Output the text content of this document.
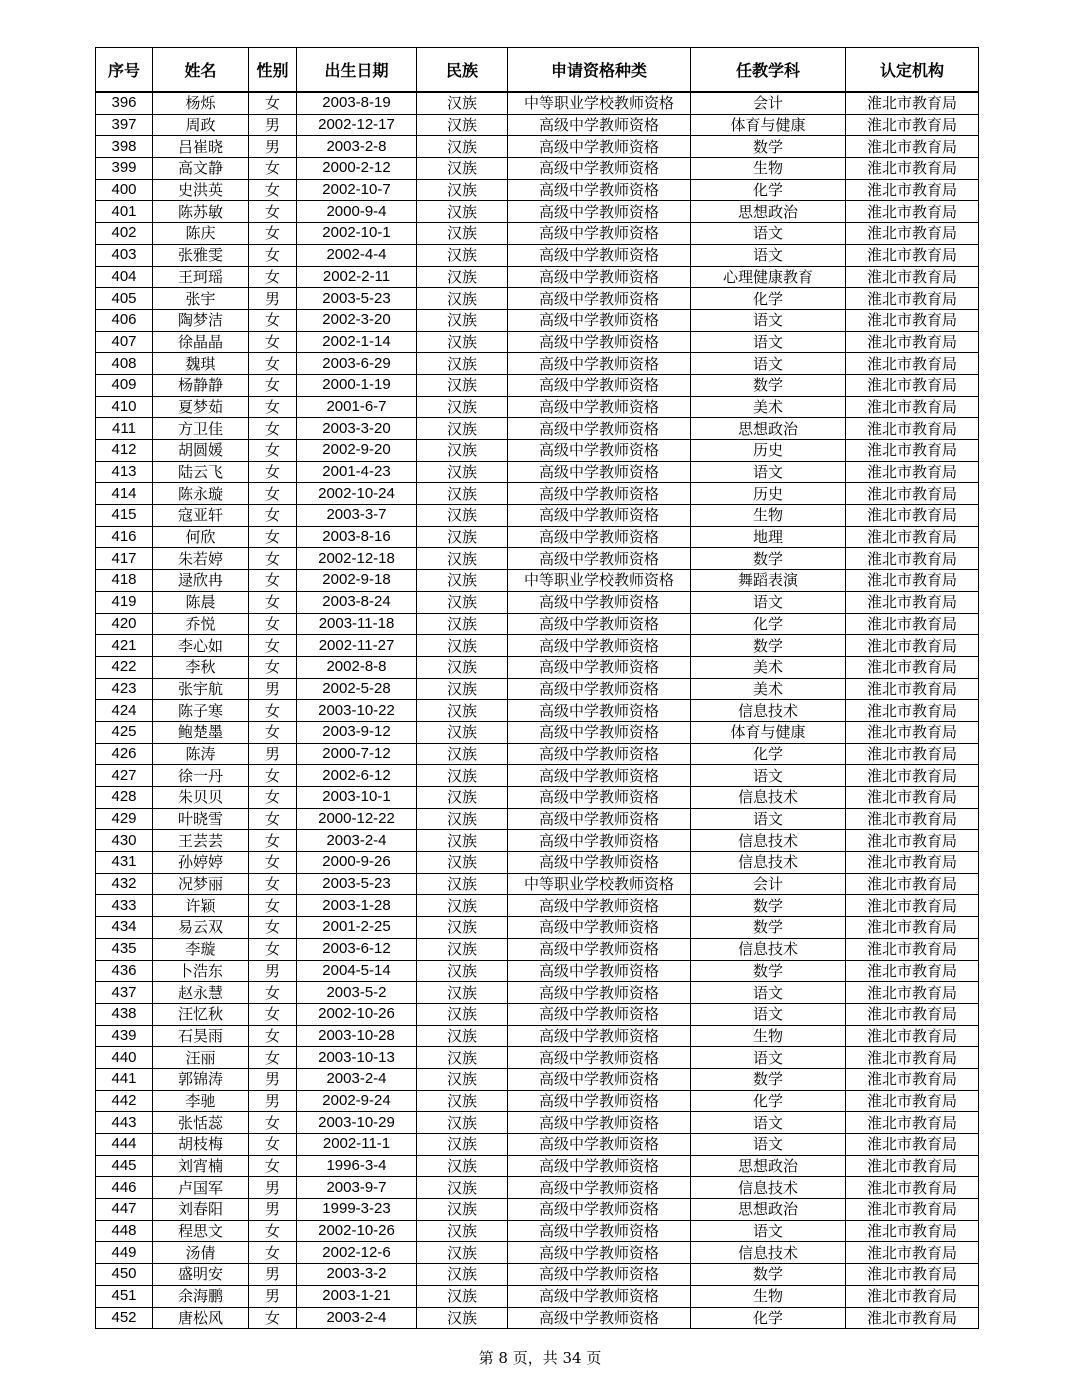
序号	姓名	性别	出生日期	民族	申请资格种类	任教学科	认定机构
396	杨烁	女	2003-8-19	汉族	中等职业学校教师资格	会计	淮北市教育局
397	周政	男	2002-12-17	汉族	高级中学教师资格	体育与健康	淮北市教育局
398	吕崔晓	男	2003-2-8	汉族	高级中学教师资格	数学	淮北市教育局
399	高文静	女	2000-2-12	汉族	高级中学教师资格	生物	淮北市教育局
400	史洪英	女	2002-10-7	汉族	高级中学教师资格	化学	淮北市教育局
401	陈苏敏	女	2000-9-4	汉族	高级中学教师资格	思想政治	淮北市教育局
402	陈庆	女	2002-10-1	汉族	高级中学教师资格	语文	淮北市教育局
403	张雅雯	女	2002-4-4	汉族	高级中学教师资格	语文	淮北市教育局
404	王珂瑶	女	2002-2-11	汉族	高级中学教师资格	心理健康教育	淮北市教育局
405	张宇	男	2003-5-23	汉族	高级中学教师资格	化学	淮北市教育局
406	陶梦洁	女	2002-3-20	汉族	高级中学教师资格	语文	淮北市教育局
407	徐晶晶	女	2002-1-14	汉族	高级中学教师资格	语文	淮北市教育局
408	魏琪	女	2003-6-29	汉族	高级中学教师资格	语文	淮北市教育局
409	杨静静	女	2000-1-19	汉族	高级中学教师资格	数学	淮北市教育局
410	夏梦茹	女	2001-6-7	汉族	高级中学教师资格	美术	淮北市教育局
411	方卫佳	女	2003-3-20	汉族	高级中学教师资格	思想政治	淮北市教育局
412	胡圆媛	女	2002-9-20	汉族	高级中学教师资格	历史	淮北市教育局
413	陆云飞	女	2001-4-23	汉族	高级中学教师资格	语文	淮北市教育局
414	陈永璇	女	2002-10-24	汉族	高级中学教师资格	历史	淮北市教育局
415	寇亚轩	女	2003-3-7	汉族	高级中学教师资格	生物	淮北市教育局
416	何欣	女	2003-8-16	汉族	高级中学教师资格	地理	淮北市教育局
417	朱若婷	女	2002-12-18	汉族	高级中学教师资格	数学	淮北市教育局
418	逯欣冉	女	2002-9-18	汉族	中等职业学校教师资格	舞蹈表演	淮北市教育局
419	陈晨	女	2003-8-24	汉族	高级中学教师资格	语文	淮北市教育局
420	乔悦	女	2003-11-18	汉族	高级中学教师资格	化学	淮北市教育局
421	李心如	女	2002-11-27	汉族	高级中学教师资格	数学	淮北市教育局
422	李秋	女	2002-8-8	汉族	高级中学教师资格	美术	淮北市教育局
423	张宇航	男	2002-5-28	汉族	高级中学教师资格	美术	淮北市教育局
424	陈子寒	女	2003-10-22	汉族	高级中学教师资格	信息技术	淮北市教育局
425	鲍楚墨	女	2003-9-12	汉族	高级中学教师资格	体育与健康	淮北市教育局
426	陈涛	男	2000-7-12	汉族	高级中学教师资格	化学	淮北市教育局
427	徐一丹	女	2002-6-12	汉族	高级中学教师资格	语文	淮北市教育局
428	朱贝贝	女	2003-10-1	汉族	高级中学教师资格	信息技术	淮北市教育局
429	叶晓雪	女	2000-12-22	汉族	高级中学教师资格	语文	淮北市教育局
430	王芸芸	女	2003-2-4	汉族	高级中学教师资格	信息技术	淮北市教育局
431	孙婷婷	女	2000-9-26	汉族	高级中学教师资格	信息技术	淮北市教育局
432	况梦丽	女	2003-5-23	汉族	中等职业学校教师资格	会计	淮北市教育局
433	许颖	女	2003-1-28	汉族	高级中学教师资格	数学	淮北市教育局
434	易云双	女	2001-2-25	汉族	高级中学教师资格	数学	淮北市教育局
435	李璇	女	2003-6-12	汉族	高级中学教师资格	信息技术	淮北市教育局
436	卜浩东	男	2004-5-14	汉族	高级中学教师资格	数学	淮北市教育局
437	赵永慧	女	2003-5-2	汉族	高级中学教师资格	语文	淮北市教育局
438	汪忆秋	女	2002-10-26	汉族	高级中学教师资格	语文	淮北市教育局
439	石昊雨	女	2003-10-28	汉族	高级中学教师资格	生物	淮北市教育局
440	汪丽	女	2003-10-13	汉族	高级中学教师资格	语文	淮北市教育局
441	郭锦涛	男	2003-2-4	汉族	高级中学教师资格	数学	淮北市教育局
442	李驰	男	2002-9-24	汉族	高级中学教师资格	化学	淮北市教育局
443	张恬蕊	女	2003-10-29	汉族	高级中学教师资格	语文	淮北市教育局
444	胡枝梅	女	2002-11-1	汉族	高级中学教师资格	语文	淮北市教育局
445	刘宵楠	女	1996-3-4	汉族	高级中学教师资格	思想政治	淮北市教育局
446	卢国军	男	2003-9-7	汉族	高级中学教师资格	信息技术	淮北市教育局
447	刘春阳	男	1999-3-23	汉族	高级中学教师资格	思想政治	淮北市教育局
448	程思文	女	2002-10-26	汉族	高级中学教师资格	语文	淮北市教育局
449	汤倩	女	2002-12-6	汉族	高级中学教师资格	信息技术	淮北市教育局
450	盛明安	男	2003-3-2	汉族	高级中学教师资格	数学	淮北市教育局
451	余海鹏	男	2003-1-21	汉族	高级中学教师资格	生物	淮北市教育局
452	唐松风	女	2003-2-4	汉族	高级中学教师资格	化学	淮北市教育局
第 8 页，共 34 页
